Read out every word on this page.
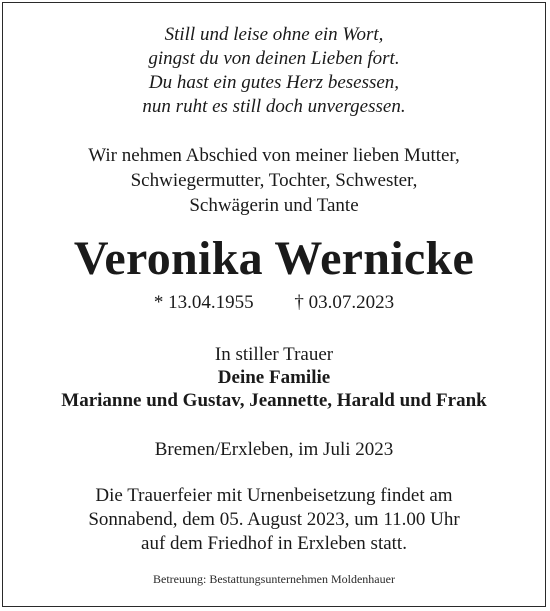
Still und leise ohne ein Wort,
gingst du von deinen Lieben fort.
Du hast ein gutes Herz besessen,
nun ruht es still doch unvergessen.
Wir nehmen Abschied von meiner lieben Mutter,
Schwiegermutter, Tochter, Schwester,
Schwägerin und Tante
Veronika Wernicke
* 13.04.1955 † 03.07.2023
In stiller Trauer
Deine Familie
Marianne und Gustav, Jeannette, Harald und Frank
Bremen/Erxleben, im Juli 2023
Die Trauerfeier mit Urnenbeisetzung findet am
Sonnabend, dem 05. August 2023, um 11.00 Uhr
auf dem Friedhof in Erxleben statt.
Betreuung: Bestattungsunternehmen Moldenhauer
